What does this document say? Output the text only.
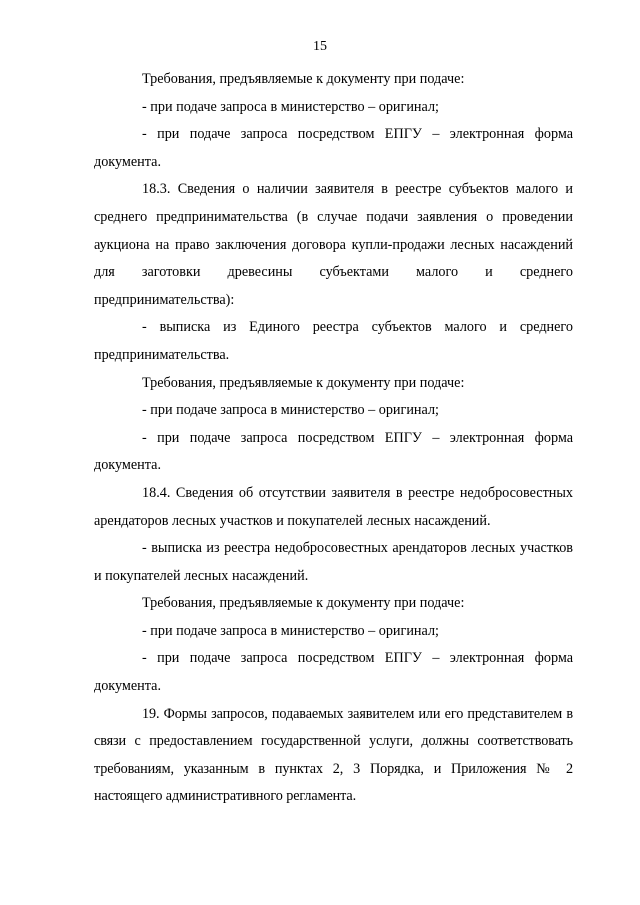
15

Требования, предъявляемые к документу при подаче:

- при подаче запроса в министерство – оригинал;

- при подаче запроса посредством ЕПГУ – электронная форма документа.

18.3. Сведения о наличии заявителя в реестре субъектов малого и среднего предпринимательства (в случае подачи заявления о проведении аукциона на право заключения договора купли-продажи лесных насаждений для заготовки древесины субъектами малого и среднего предпринимательства):

- выписка из Единого реестра субъектов малого и среднего предпринимательства.

Требования, предъявляемые к документу при подаче:

- при подаче запроса в министерство – оригинал;

- при подаче запроса посредством ЕПГУ – электронная форма документа.

18.4. Сведения об отсутствии заявителя в реестре недобросовестных арендаторов лесных участков и покупателей лесных насаждений.

- выписка из реестра недобросовестных арендаторов лесных участков и покупателей лесных насаждений.

Требования, предъявляемые к документу при подаче:

- при подаче запроса в министерство – оригинал;

- при подаче запроса посредством ЕПГУ – электронная форма документа.

19. Формы запросов, подаваемых заявителем или его представителем в связи с предоставлением государственной услуги, должны соответствовать требованиям, указанным в пунктах 2, 3 Порядка, и Приложения № 2 настоящего административного регламента.
